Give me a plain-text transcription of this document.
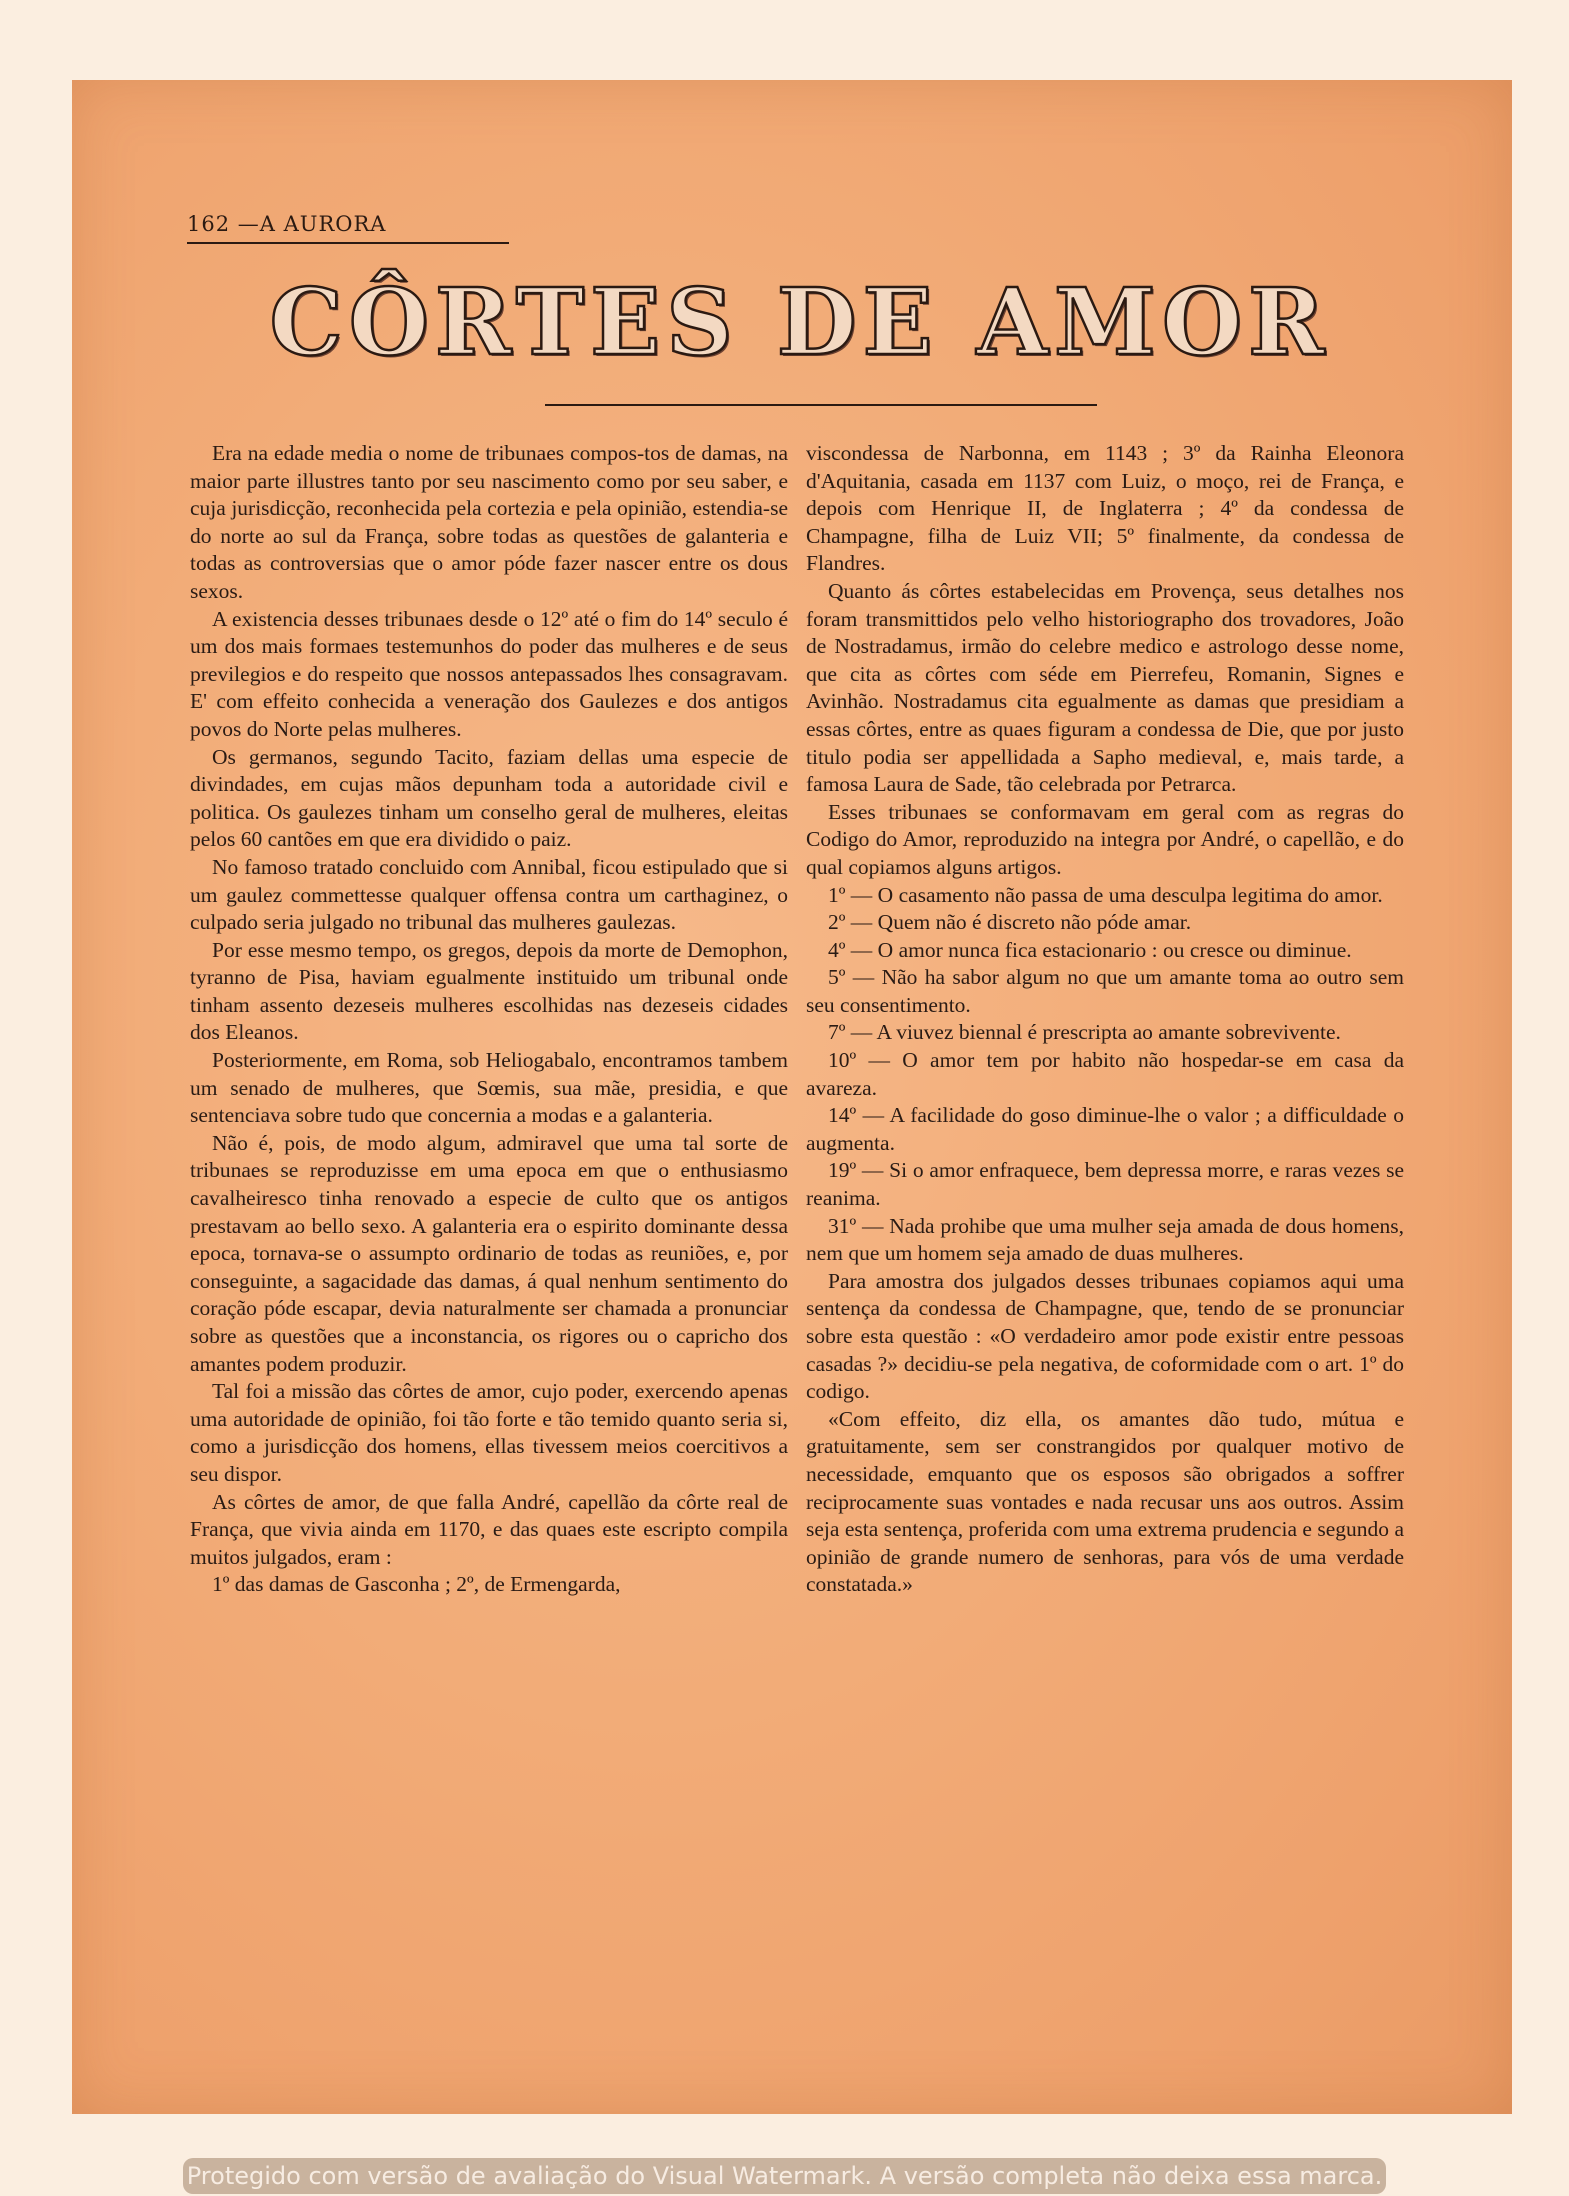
162 —A AURORA
CÔRTES DE AMOR

Era na edade media o nome de tribunaes compos-tos de damas, na maior parte illustres tanto por seu nascimento como por seu saber, e cuja jurisdicção, reconhecida pela cortezia e pela opinião, estendia-se do norte ao sul da França, sobre todas as questões de galanteria e todas as controversias que o amor póde fazer nascer entre os dous sexos.

A existencia desses tribunaes desde o 12º até o fim do 14º seculo é um dos mais formaes testemunhos do poder das mulheres e de seus previlegios e do respeito que nossos antepassados lhes consagravam. E' com effeito conhecida a veneração dos Gaulezes e dos antigos povos do Norte pelas mulheres.

Os germanos, segundo Tacito, faziam dellas uma especie de divindades, em cujas mãos depunham toda a autoridade civil e politica. Os gaulezes tinham um conselho geral de mulheres, eleitas pelos 60 cantões em que era dividido o paiz.

No famoso tratado concluido com Annibal, ficou estipulado que si um gaulez commettesse qualquer offensa contra um carthaginez, o culpado seria julgado no tribunal das mulheres gaulezas.

Por esse mesmo tempo, os gregos, depois da morte de Demophon, tyranno de Pisa, haviam egualmente instituido um tribunal onde tinham assento dezeseis mulheres escolhidas nas dezeseis cidades dos Eleanos.

Posteriormente, em Roma, sob Heliogabalo, encontramos tambem um senado de mulheres, que Sœmis, sua mãe, presidia, e que sentenciava sobre tudo que concernia a modas e a galanteria.

Não é, pois, de modo algum, admiravel que uma tal sorte de tribunaes se reproduzisse em uma epoca em que o enthusiasmo cavalheiresco tinha renovado a especie de culto que os antigos prestavam ao bello sexo. A galanteria era o espirito dominante dessa epoca, tornava-se o assumpto ordinario de todas as reuniões, e, por conseguinte, a sagacidade das damas, á qual nenhum sentimento do coração póde escapar, devia naturalmente ser chamada a pronunciar sobre as questões que a inconstancia, os rigores ou o capricho dos amantes podem produzir.

Tal foi a missão das côrtes de amor, cujo poder, exercendo apenas uma autoridade de opinião, foi tão forte e tão temido quanto seria si, como a jurisdicção dos homens, ellas tivessem meios coercitivos a seu dispor.

As côrtes de amor, de que falla André, capellão da côrte real de França, que vivia ainda em 1170, e das quaes este escripto compila muitos julgados, eram :

1º das damas de Gasconha ; 2º, de Ermengarda,

viscondessa de Narbonna, em 1143 ; 3º da Rainha Eleonora d'Aquitania, casada em 1137 com Luiz, o moço, rei de França, e depois com Henrique II, de Inglaterra ; 4º da condessa de Champagne, filha de Luiz VII; 5º finalmente, da condessa de Flandres.

Quanto ás côrtes estabelecidas em Provença, seus detalhes nos foram transmittidos pelo velho historiographo dos trovadores, João de Nostradamus, irmão do celebre medico e astrologo desse nome, que cita as côrtes com séde em Pierrefeu, Romanin, Signes e Avinhão. Nostradamus cita egualmente as damas que presidiam a essas côrtes, entre as quaes figuram a condessa de Die, que por justo titulo podia ser appellidada a Sapho medieval, e, mais tarde, a famosa Laura de Sade, tão celebrada por Petrarca.

Esses tribunaes se conformavam em geral com as regras do Codigo do Amor, reproduzido na integra por André, o capellão, e do qual copiamos alguns artigos.

1º — O casamento não passa de uma desculpa legitima do amor.

2º — Quem não é discreto não póde amar.

4º — O amor nunca fica estacionario : ou cresce ou diminue.

5º — Não ha sabor algum no que um amante toma ao outro sem seu consentimento.

7º — A viuvez biennal é prescripta ao amante sobrevivente.

10º — O amor tem por habito não hospedar-se em casa da avareza.

14º — A facilidade do goso diminue-lhe o valor ; a difficuldade o augmenta.

19º — Si o amor enfraquece, bem depressa morre, e raras vezes se reanima.

31º — Nada prohibe que uma mulher seja amada de dous homens, nem que um homem seja amado de duas mulheres.

Para amostra dos julgados desses tribunaes copiamos aqui uma sentença da condessa de Champagne, que, tendo de se pronunciar sobre esta questão : «O verdadeiro amor pode existir entre pessoas casadas ?» decidiu-se pela negativa, de coformidade com o art. 1º do codigo.

«Com effeito, diz ella, os amantes dão tudo, mútua e gratuitamente, sem ser constrangidos por qualquer motivo de necessidade, emquanto que os esposos são obrigados a soffrer reciprocamente suas vontades e nada recusar uns aos outros. Assim seja esta sentença, proferida com uma extrema prudencia e segundo a opinião de grande numero de senhoras, para vós de uma verdade constatada.»

Protegido com versão de avaliação do Visual Watermark. A versão completa não deixa essa marca.
